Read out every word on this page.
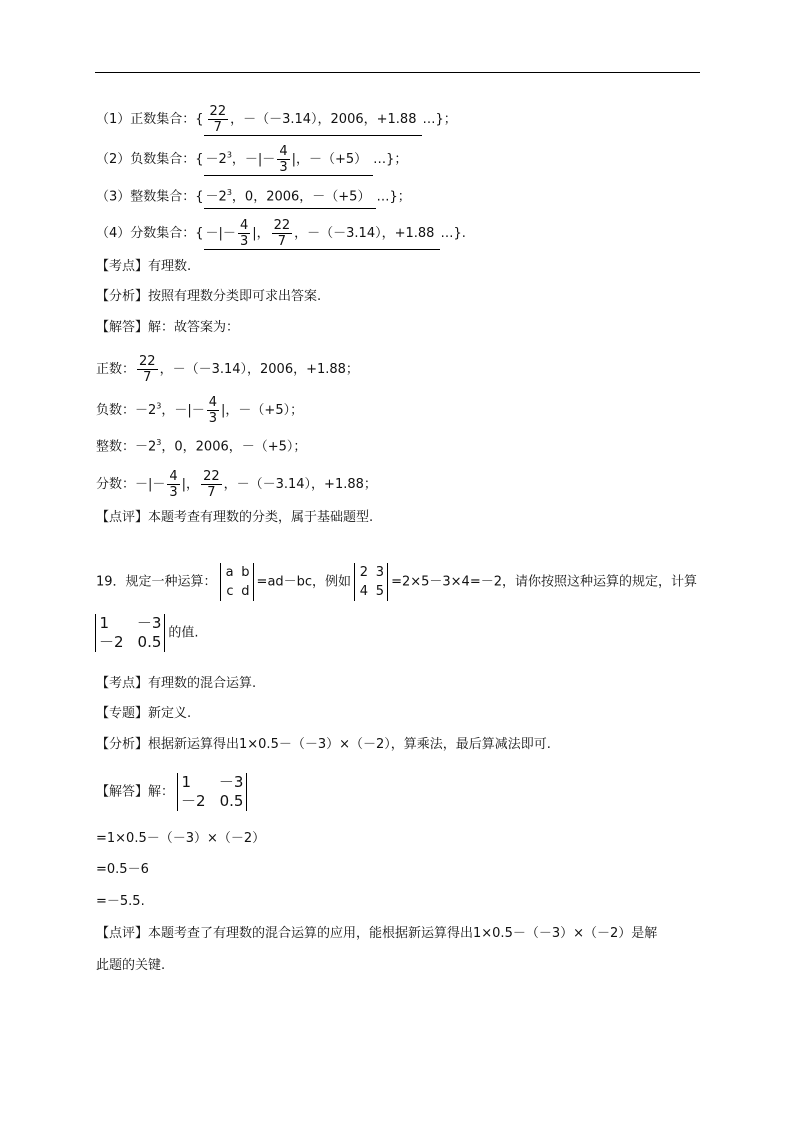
（1）正数集合：{ $\frac{22}{7}$ ，－（－3.14），2006，+1.88 …}；
（2）负数集合：{ $-2^3$，－|－ $\frac{4}{3}$ |，－（+5） …}；
（3）整数集合：{ $-2^3$，0，2006，－（+5） …}；
（4）分数集合：{ －|－ $\frac{4}{3}$ |， $\frac{22}{7}$ ，－（－3.14），+1.88 …}.
【考点】有理数.
【分析】按照有理数分类即可求出答案.
【解答】解：故答案为：
正数： $\frac{22}{7}$ ，－（－3.14），2006，+1.88；
负数：$-2^3$，－|－ $\frac{4}{3}$ |，－（+5）；
整数：$-2^3$，0，2006，－（+5）；
分数：－|－ $\frac{4}{3}$ |， $\frac{22}{7}$ ，－（－3.14），+1.88；
【点评】本题考查有理数的分类，属于基础题型.
19．规定一种运算：
a b
c d
=ad－bc，例如
2 3
4 5
=2×5－3×4=－2，请你按照这种运算的规定，计算
1 －3
－2 0.5 的值.
【考点】有理数的混合运算.
【专题】新定义.
【分析】根据新运算得出1×0.5－（－3）×（－2），算乘法，最后算减法即可.
【解答】解：
1 －3
－2 0.5
=1×0.5－（－3）×（－2）
=0.5－6
=－5.5.
【点评】本题考查了有理数的混合运算的应用，能根据新运算得出1×0.5－（－3）×（－2）是解
此题的关键.
